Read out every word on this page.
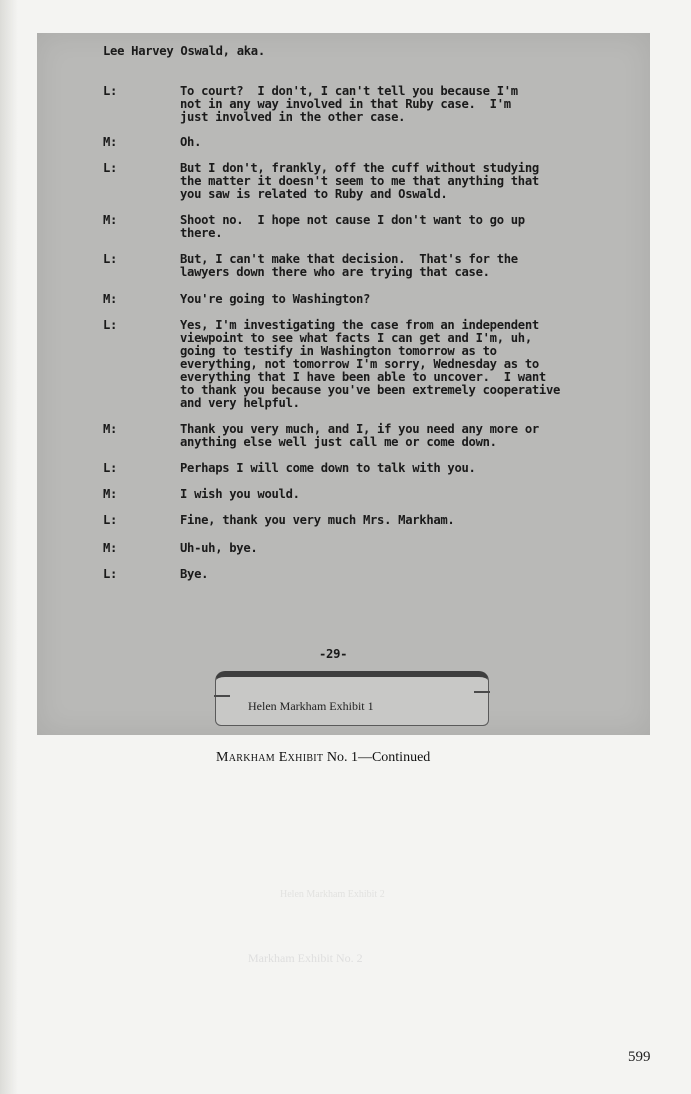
Lee Harvey Oswald, aka.
L:	To court?  I don't, I can't tell you because I'm
not in any way involved in that Ruby case.  I'm
just involved in the other case.
M:	Oh.
L:	But I don't, frankly, off the cuff without studying
the matter it doesn't seem to me that anything that
you saw is related to Ruby and Oswald.
M:	Shoot no.  I hope not cause I don't want to go up
there.
L:	But, I can't make that decision.  That's for the
lawyers down there who are trying that case.
M:	You're going to Washington?
L:	Yes, I'm investigating the case from an independent
viewpoint to see what facts I can get and I'm, uh,
going to testify in Washington tomorrow as to
everything, not tomorrow I'm sorry, Wednesday as to
everything that I have been able to uncover.  I want
to thank you because you've been extremely cooperative
and very helpful.
M:	Thank you very much, and I, if you need any more or
anything else well just call me or come down.
L:	Perhaps I will come down to talk with you.
M:	I wish you would.
L:	Fine, thank you very much Mrs. Markham.
M:	Uh-uh, bye.
L:	Bye.
-29-
Helen Markham Exhibit 1
Markham Exhibit No. 1—Continued
Helen Markham Exhibit 2
Markham Exhibit No. 2
599
